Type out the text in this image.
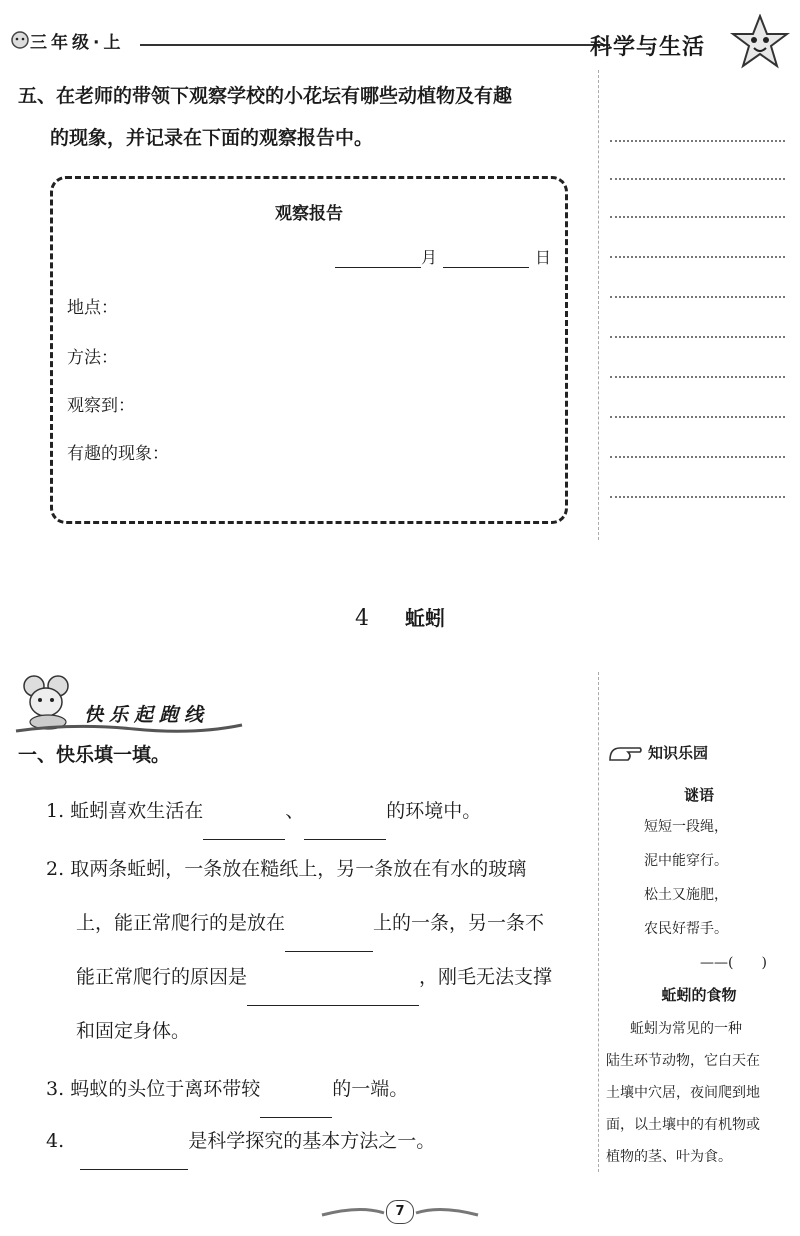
三年级·上	科学与生活
五、在老师的带领下观察学校的小花坛有哪些动植物及有趣
的现象，并记录在下面的观察报告中。
观察报告
月	日
地点：
方法：
观察到：
有趣的现象：
4 蚯蚓
快乐起跑线
一、快乐填一填。
1. 蚯蚓喜欢生活在	、	的环境中。
2. 取两条蚯蚓，一条放在糙纸上，另一条放在有水的玻璃
上，能正常爬行的是放在	上的一条，另一条不
能正常爬行的原因是	，刚毛无法支撑
和固定身体。
3. 蚂蚁的头位于离环带较	的一端。
4.	是科学探究的基本方法之一。
知识乐园
谜语
短短一段绳，
泥中能穿行。
松土又施肥，
农民好帮手。
——(　　)
蚯蚓的食物
蚯蚓为常见的一种
陆生环节动物，它白天在
土壤中穴居，夜间爬到地
面，以土壤中的有机物或
植物的茎、叶为食。
7
